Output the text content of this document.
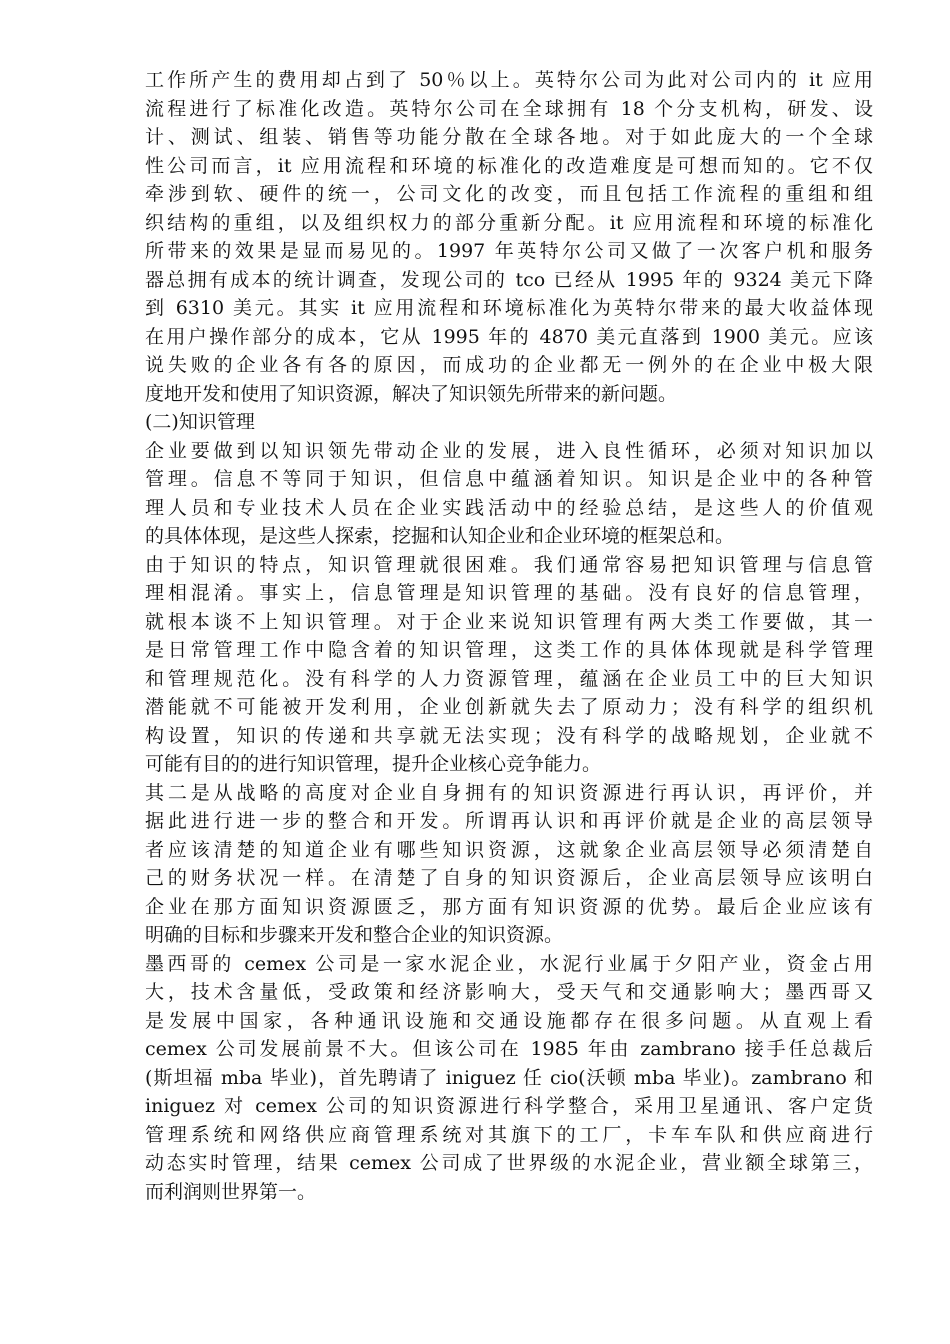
工作所产生的费用却占到了 50％以上。英特尔公司为此对公司内的 it 应用
流程进行了标准化改造。英特尔公司在全球拥有 18 个分支机构，研发、设
计、测试、组装、销售等功能分散在全球各地。对于如此庞大的一个全球
性公司而言，it 应用流程和环境的标准化的改造难度是可想而知的。它不仅
牵涉到软、硬件的统一，公司文化的改变，而且包括工作流程的重组和组
织结构的重组，以及组织权力的部分重新分配。it 应用流程和环境的标准化
所带来的效果是显而易见的。1997 年英特尔公司又做了一次客户机和服务
器总拥有成本的统计调查，发现公司的 tco 已经从 1995 年的 9324 美元下降
到 6310 美元。其实 it 应用流程和环境标准化为英特尔带来的最大收益体现
在用户操作部分的成本，它从 1995 年的 4870 美元直落到 1900 美元。应该
说失败的企业各有各的原因，而成功的企业都无一例外的在企业中极大限
度地开发和使用了知识资源，解决了知识领先所带来的新问题。
(二)知识管理
企业要做到以知识领先带动企业的发展，进入良性循环，必须对知识加以
管理。信息不等同于知识，但信息中蕴涵着知识。知识是企业中的各种管
理人员和专业技术人员在企业实践活动中的经验总结，是这些人的价值观
的具体体现，是这些人探索，挖掘和认知企业和企业环境的框架总和。
由于知识的特点，知识管理就很困难。我们通常容易把知识管理与信息管
理相混淆。事实上，信息管理是知识管理的基础。没有良好的信息管理，
就根本谈不上知识管理。对于企业来说知识管理有两大类工作要做，其一
是日常管理工作中隐含着的知识管理，这类工作的具体体现就是科学管理
和管理规范化。没有科学的人力资源管理，蕴涵在企业员工中的巨大知识
潜能就不可能被开发利用，企业创新就失去了原动力；没有科学的组织机
构设置，知识的传递和共享就无法实现；没有科学的战略规划，企业就不
可能有目的的进行知识管理，提升企业核心竞争能力。
其二是从战略的高度对企业自身拥有的知识资源进行再认识，再评价，并
据此进行进一步的整合和开发。所谓再认识和再评价就是企业的高层领导
者应该清楚的知道企业有哪些知识资源，这就象企业高层领导必须清楚自
己的财务状况一样。在清楚了自身的知识资源后，企业高层领导应该明白
企业在那方面知识资源匮乏，那方面有知识资源的优势。最后企业应该有
明确的目标和步骤来开发和整合企业的知识资源。
墨西哥的 cemex 公司是一家水泥企业，水泥行业属于夕阳产业，资金占用
大，技术含量低，受政策和经济影响大，受天气和交通影响大；墨西哥又
是发展中国家，各种通讯设施和交通设施都存在很多问题。从直观上看
cemex 公司发展前景不大。但该公司在 1985 年由 zambrano 接手任总裁后
(斯坦福 mba 毕业)，首先聘请了 iniguez 任 cio(沃顿 mba 毕业)。zambrano 和
iniguez 对 cemex 公司的知识资源进行科学整合，采用卫星通讯、客户定货
管理系统和网络供应商管理系统对其旗下的工厂，卡车车队和供应商进行
动态实时管理，结果 cemex 公司成了世界级的水泥企业，营业额全球第三，
而利润则世界第一。
